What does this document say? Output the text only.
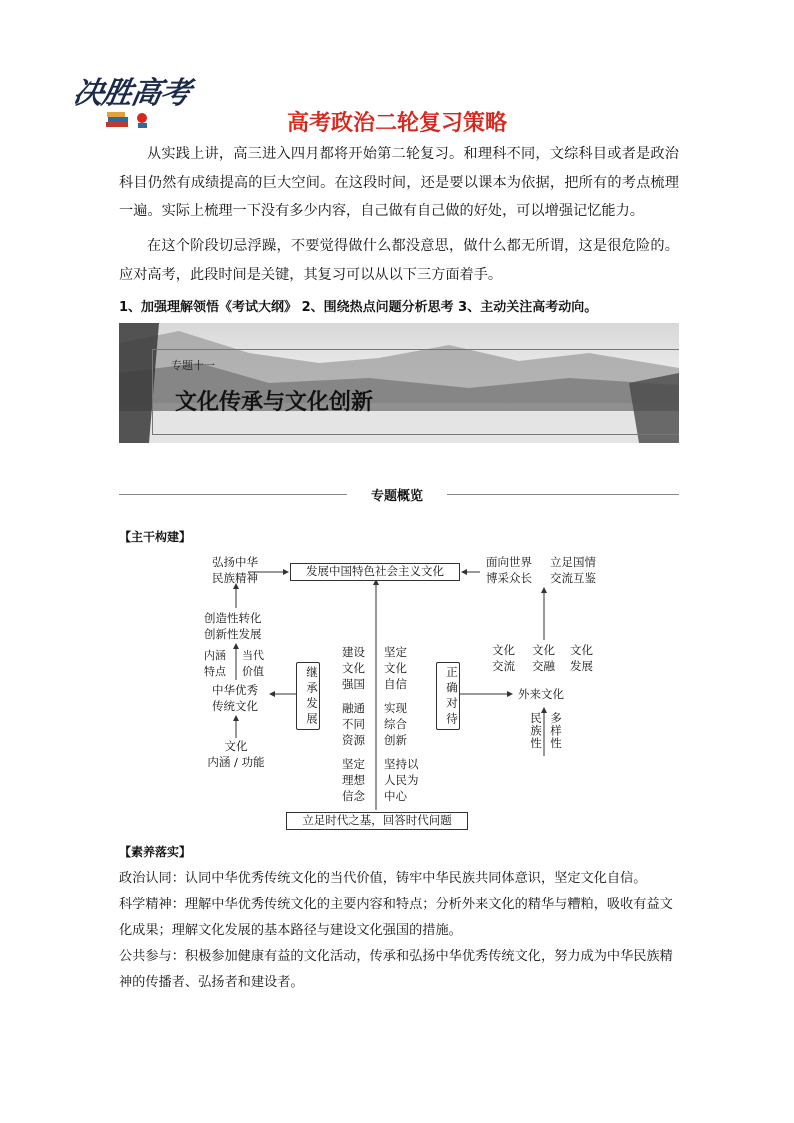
决胜高考
高考政治二轮复习策略
从实践上讲，高三进入四月都将开始第二轮复习。和理科不同，文综科目或者是政治科目仍然有成绩提高的巨大空间。在这段时间，还是要以课本为依据，把所有的考点梳理一遍。实际上梳理一下没有多少内容，自己做有自己做的好处，可以增强记忆能力。
在这个阶段切忌浮躁，不要觉得做什么都没意思，做什么都无所谓，这是很危险的。应对高考，此段时间是关键，其复习可以从以下三方面着手。
1、加强理解领悟《考试大纲》 2、围绕热点问题分析思考 3、主动关注高考动向。
专题十一
文化传承与文化创新
专题概览
【主干构建】
发展中国特色社会主义文化
立足时代之基，回答时代问题
弘扬中华
民族精神
创造性转化
创新性发展
内涵
特点
当代
价值
中华优秀
传统文化
文化
内涵 / 功能
继承发展
建设
文化
强国
坚定
文化
自信
融通
不同
资源
实现
综合
创新
坚定
理想
信念
坚持以
人民为
中心
正确对待	外来文化
面向世界
博采众长
立足国情
交流互鉴
文化
交流
文化
交融
文化
发展
民族性 多样性
【素养落实】
政治认同：认同中华优秀传统文化的当代价值，铸牢中华民族共同体意识，坚定文化自信。
科学精神：理解中华优秀传统文化的主要内容和特点；分析外来文化的精华与糟粕，吸收有益文化成果；理解文化发展的基本路径与建设文化强国的措施。
公共参与：积极参加健康有益的文化活动，传承和弘扬中华优秀传统文化，努力成为中华民族精神的传播者、弘扬者和建设者。
